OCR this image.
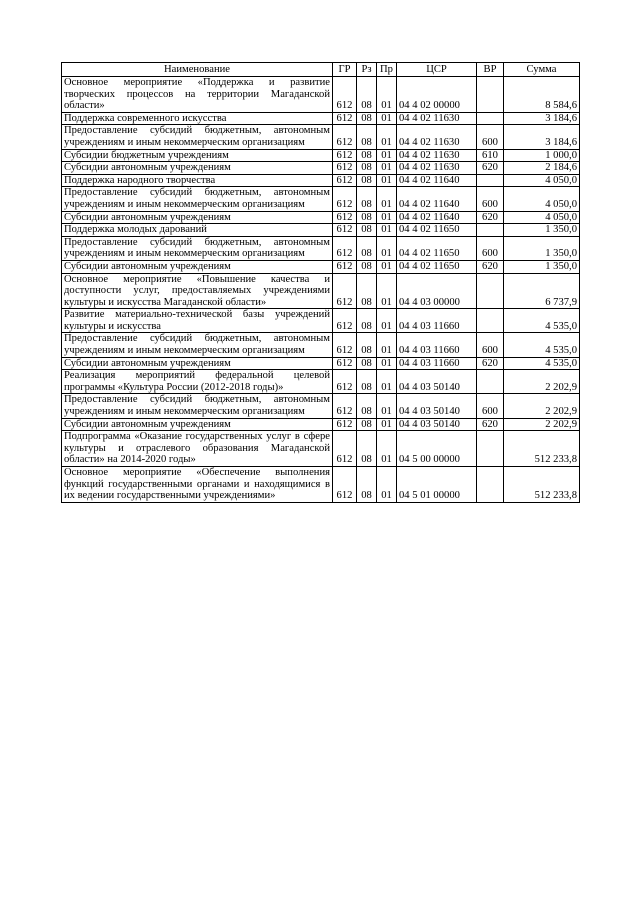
Наименование	ГР	Рз	Пр	ЦСР	ВР	Сумма
Основное мероприятие «Поддержка и развитие творческих процессов на территории Магаданской области»	612	08	01	04 4 02 00000		8 584,6
Поддержка современного искусства	612	08	01	04 4 02 11630		3 184,6
Предоставление субсидий бюджетным, автономным учреждениям и иным некоммерческим организациям	612	08	01	04 4 02 11630	600	3 184,6
Субсидии бюджетным учреждениям	612	08	01	04 4 02 11630	610	1 000,0
Субсидии автономным учреждениям	612	08	01	04 4 02 11630	620	2 184,6
Поддержка народного творчества	612	08	01	04 4 02 11640		4 050,0
Предоставление субсидий бюджетным, автономным учреждениям и иным некоммерческим организациям	612	08	01	04 4 02 11640	600	4 050,0
Субсидии автономным учреждениям	612	08	01	04 4 02 11640	620	4 050,0
Поддержка молодых дарований	612	08	01	04 4 02 11650		1 350,0
Предоставление субсидий бюджетным, автономным учреждениям и иным некоммерческим организациям	612	08	01	04 4 02 11650	600	1 350,0
Субсидии автономным учреждениям	612	08	01	04 4 02 11650	620	1 350,0
Основное мероприятие «Повышение качества и доступности услуг, предоставляемых учреждениями культуры и искусства Магаданской области»	612	08	01	04 4 03 00000		6 737,9
Развитие материально-технической базы учреждений культуры и искусства	612	08	01	04 4 03 11660		4 535,0
Предоставление субсидий бюджетным, автономным учреждениям и иным некоммерческим организациям	612	08	01	04 4 03 11660	600	4 535,0
Субсидии автономным учреждениям	612	08	01	04 4 03 11660	620	4 535,0
Реализация мероприятий федеральной целевой программы «Культура России (2012-2018 годы)»	612	08	01	04 4 03 50140		2 202,9
Предоставление субсидий бюджетным, автономным учреждениям и иным некоммерческим организациям	612	08	01	04 4 03 50140	600	2 202,9
Субсидии автономным учреждениям	612	08	01	04 4 03 50140	620	2 202,9
Подпрограмма «Оказание государственных услуг в сфере культуры и отраслевого образования Магаданской области» на 2014-2020 годы»	612	08	01	04 5 00 00000		512 233,8
Основное мероприятие «Обеспечение выполнения функций государственными органами и находящимися в их ведении государственными учреждениями»	612	08	01	04 5 01 00000		512 233,8
